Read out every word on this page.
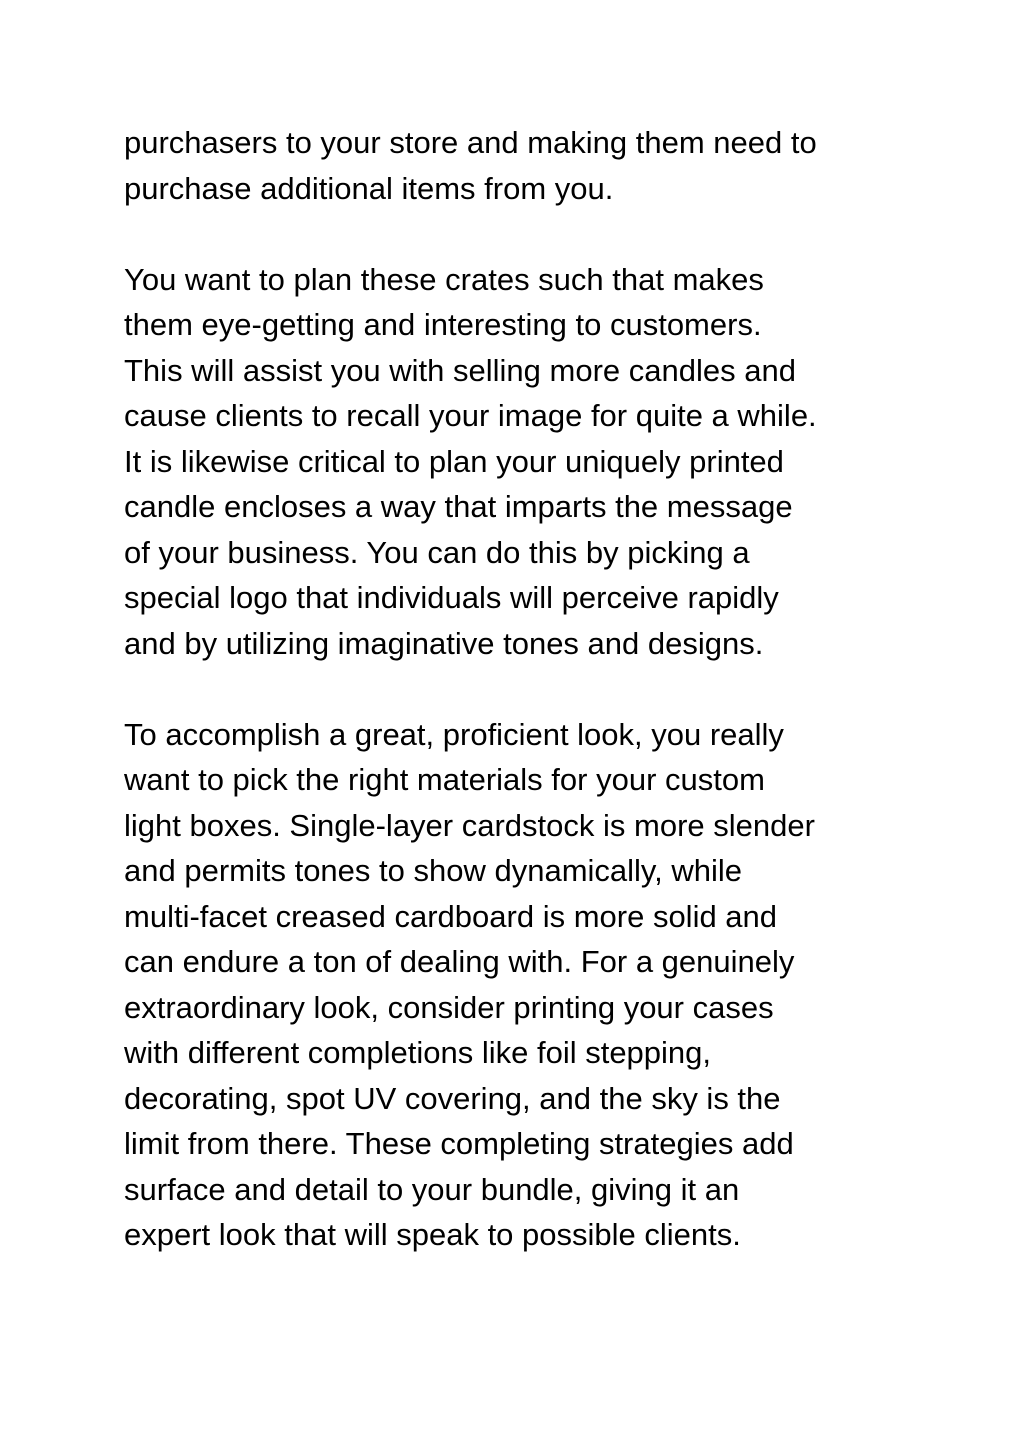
purchasers to your store and making them need to
purchase additional items from you.
You want to plan these crates such that makes
them eye-getting and interesting to customers.
This will assist you with selling more candles and
cause clients to recall your image for quite a while.
It is likewise critical to plan your uniquely printed
candle encloses a way that imparts the message
of your business. You can do this by picking a
special logo that individuals will perceive rapidly
and by utilizing imaginative tones and designs.
To accomplish a great, proficient look, you really
want to pick the right materials for your custom
light boxes. Single-layer cardstock is more slender
and permits tones to show dynamically, while
multi-facet creased cardboard is more solid and
can endure a ton of dealing with. For a genuinely
extraordinary look, consider printing your cases
with different completions like foil stepping,
decorating, spot UV covering, and the sky is the
limit from there. These completing strategies add
surface and detail to your bundle, giving it an
expert look that will speak to possible clients.
